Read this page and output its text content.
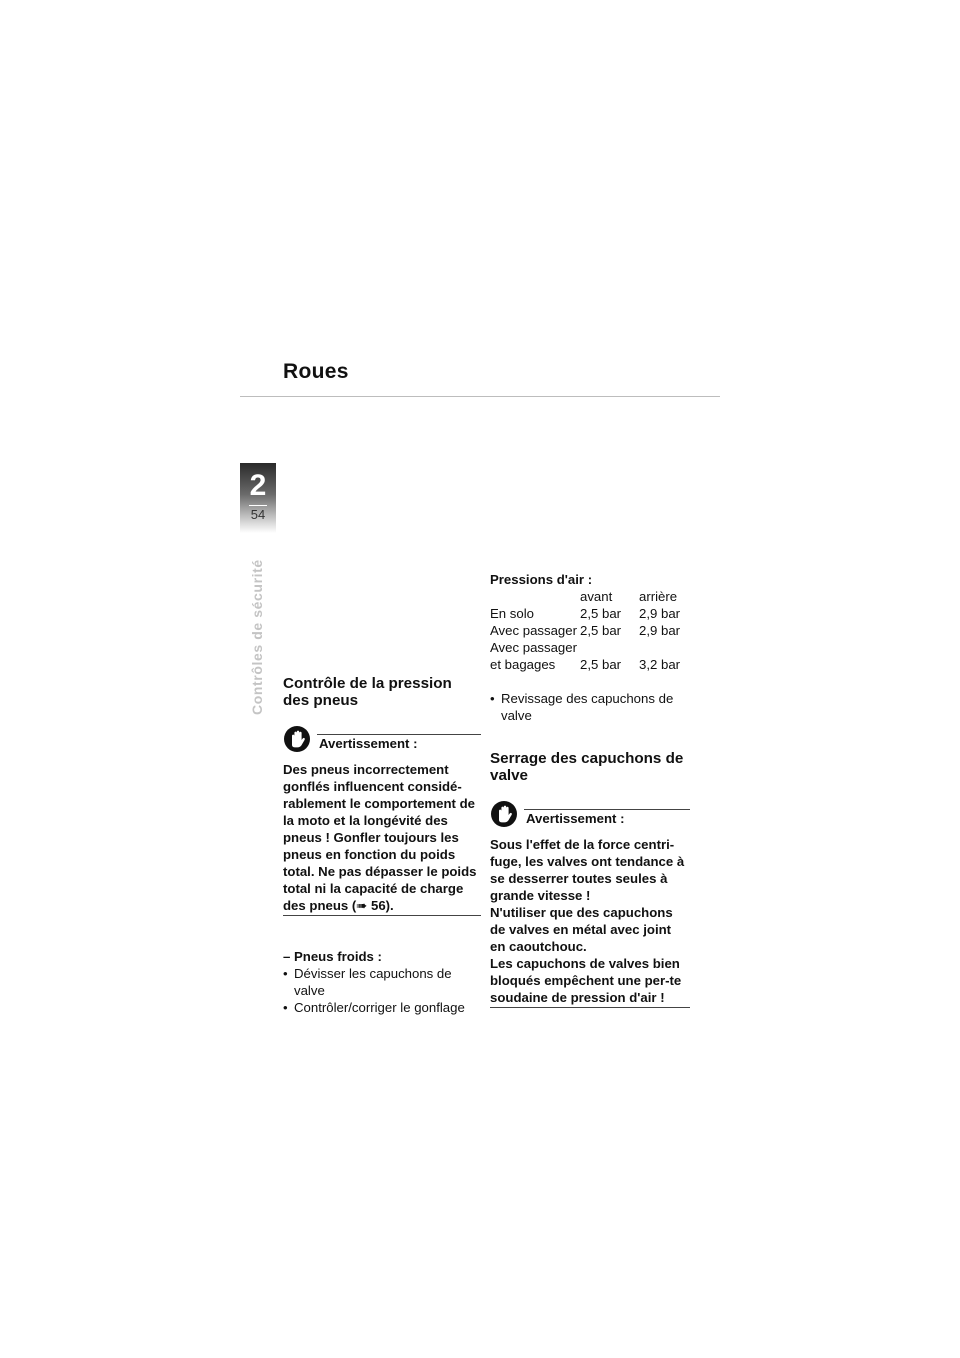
Roues
2
54
Contrôles de sécurité Contrôle de la pression des pneus
Avertissement :

Des pneus incorrectement gonflés influencent considé-rablement le comportement de la moto et la longévité des pneus ! Gonfler toujours les pneus en fonction du poids total. Ne pas dépasser le poids total ni la capacité de charge des pneus (➠ 56).

– Pneus froids :
• Dévisser les capuchons de valve
• Contrôler/corriger le gonflage
Pressions d'air :
	avant	arrière
En solo	2,5 bar	2,9 bar
Avec passager	2,5 bar	2,9 bar
Avec passager		
et bagages	2,5 bar	3,2 bar
• Revissage des capuchons de valve
Serrage des capuchons de valve
Avertissement :

Sous l'effet de la force centri-fuge, les valves ont tendance à se desserrer toutes seules à grande vitesse !

N'utiliser que des capuchons de valves en métal avec joint en caoutchouc.

Les capuchons de valves bien bloqués empêchent une per-te soudaine de pression d'air !
